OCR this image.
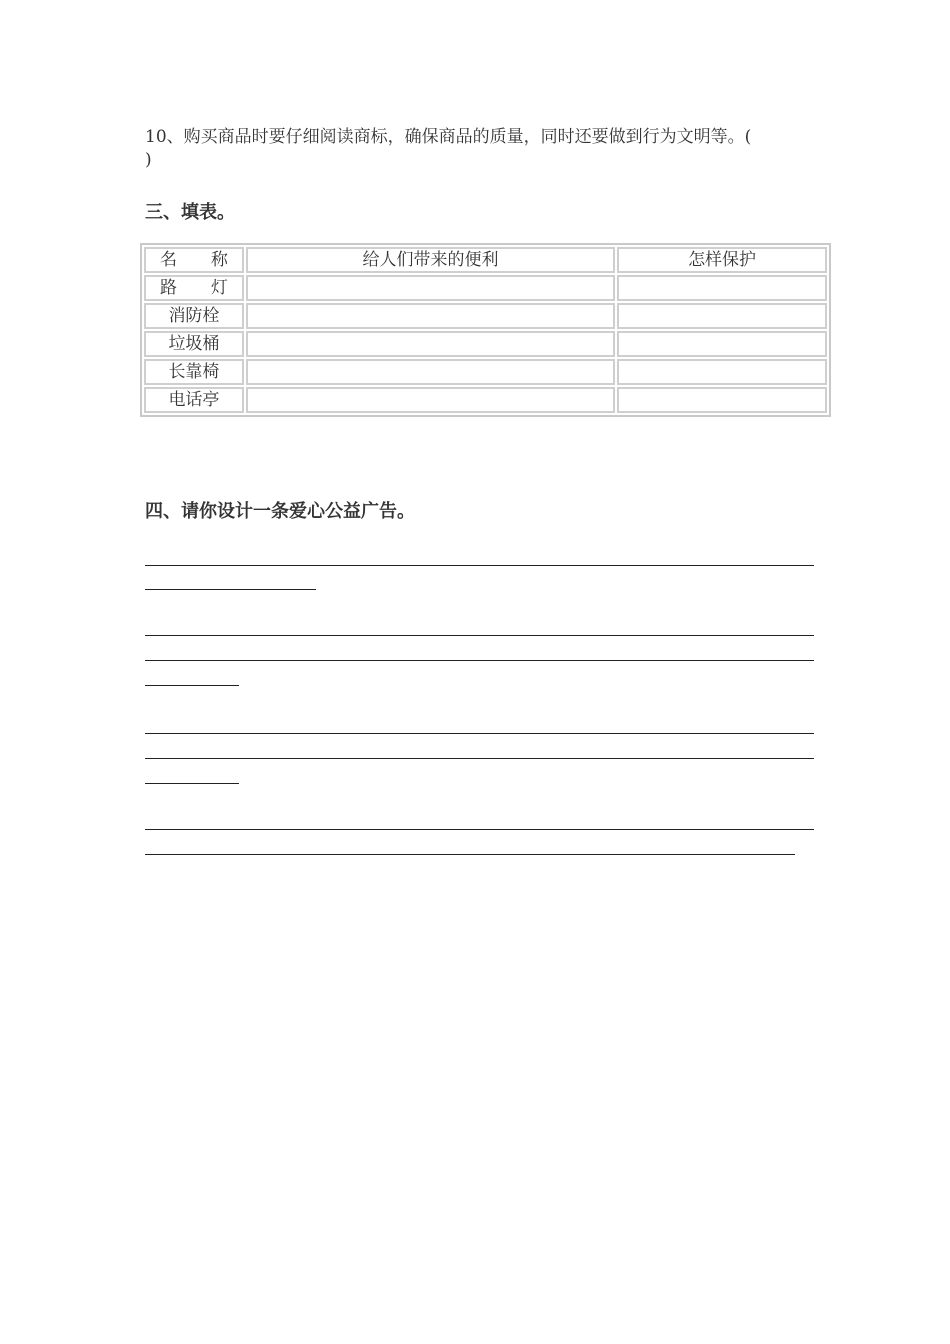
10、购买商品时要仔细阅读商标，确保商品的质量，同时还要做到行为文明等。(
)
三、填表。
名　　称	给人们带来的便利	怎样保护
路　　灯		
消防栓		
垃圾桶		
长靠椅		
电话亭		
四、请你设计一条爱心公益广告。
